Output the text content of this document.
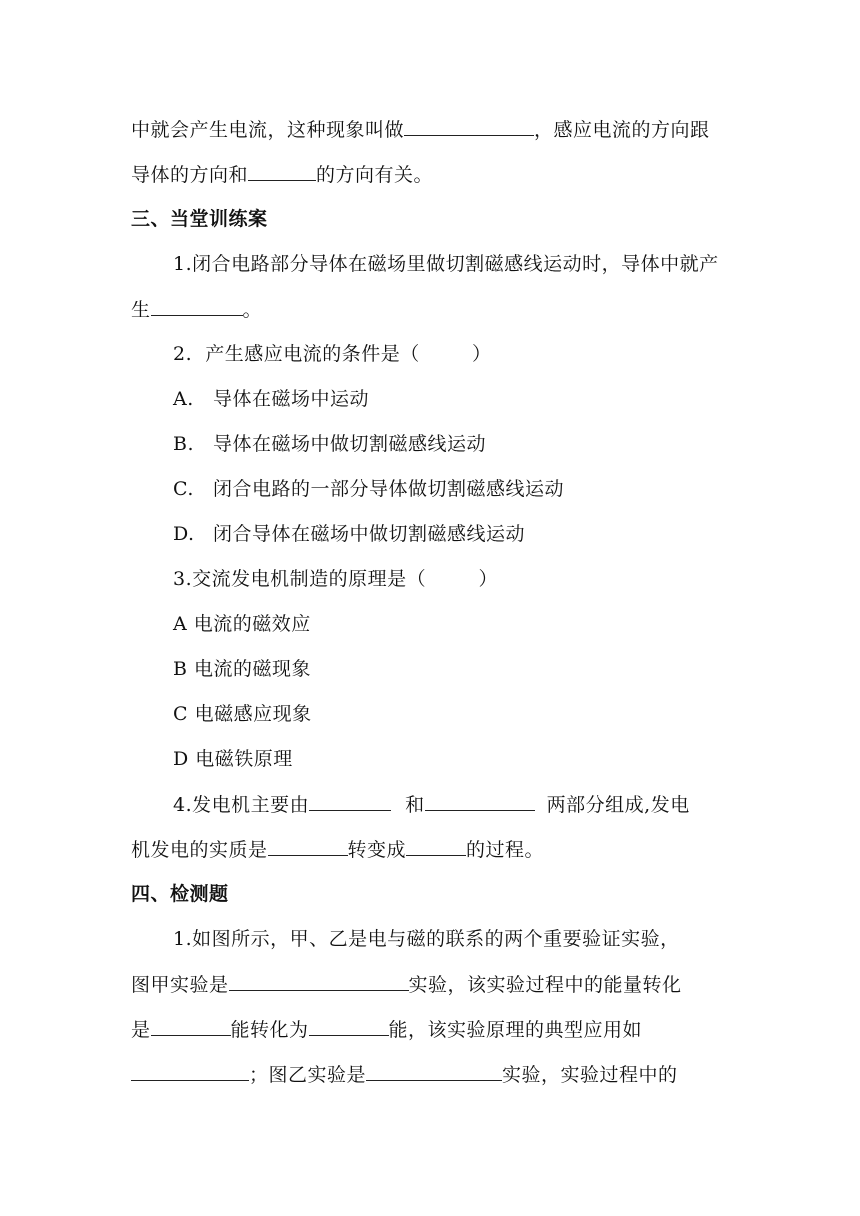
中就会产生电流，这种现象叫做	，感应电流的方向跟
导体的方向和	的方向有关。
三、当堂训练案
1.闭合电路部分导体在磁场里做切割磁感线运动时，导体中就产
生	。
2.  产生感应电流的条件是（        ）
A. 导体在磁场中运动
B. 导体在磁场中做切割磁感线运动
C. 闭合电路的一部分导体做切割磁感线运动
D. 闭合导体在磁场中做切割磁感线运动
3.交流发电机制造的原理是（        ）
A 电流的磁效应
B 电流的磁现象
C 电磁感应现象
D 电磁铁原理
4.发电机主要由	和	两部分组成,发电
机发电的实质是	转变成	的过程。
四、检测题
1.如图所示，甲、乙是电与磁的联系的两个重要验证实验，
图甲实验是	实验，该实验过程中的能量转化
是	能转化为	能，该实验原理的典型应用如
；图乙实验是	实验，实验过程中的
